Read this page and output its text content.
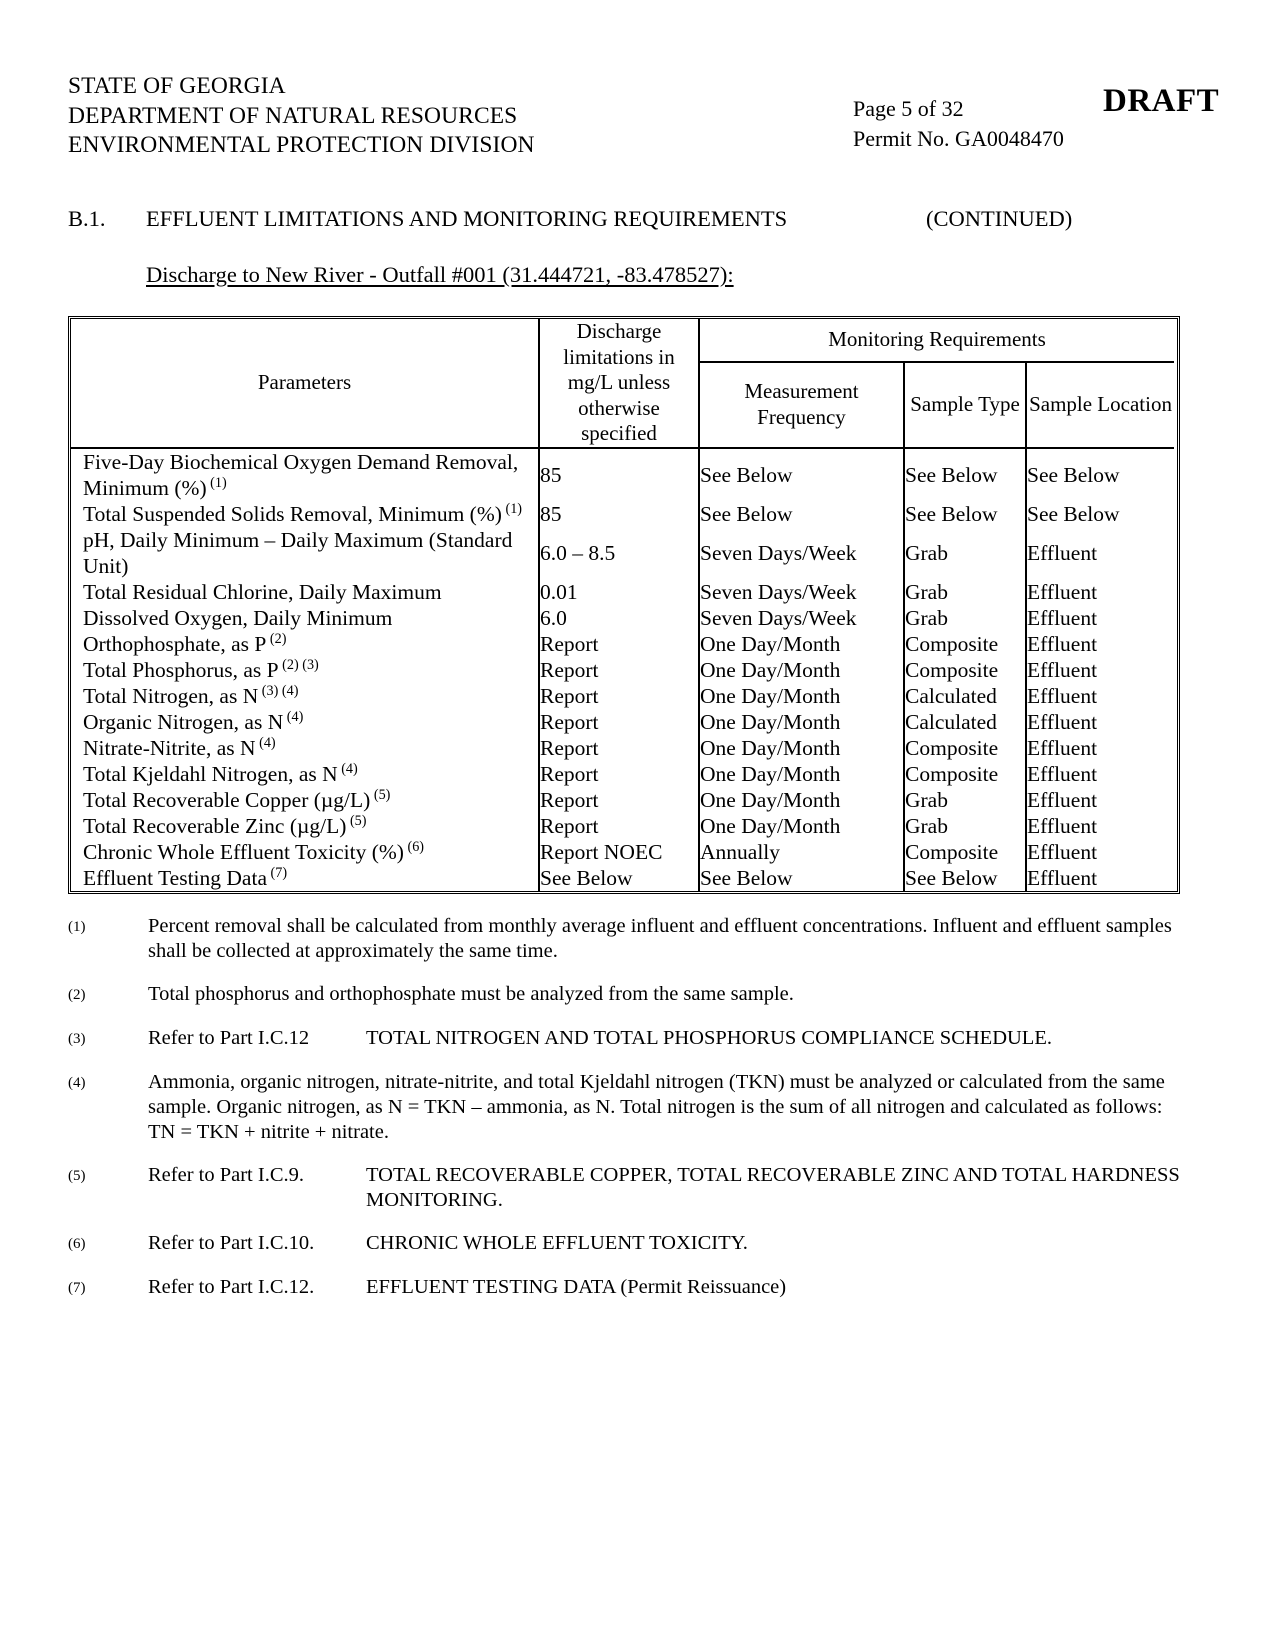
STATE OF GEORGIA
DEPARTMENT OF NATURAL RESOURCES
ENVIRONMENTAL PROTECTION DIVISION
Page 5 of 32
Permit No. GA0048470
DRAFT
B.1. EFFLUENT LIMITATIONS AND MONITORING REQUIREMENTS	(CONTINUED)
Discharge to New River - Outfall #001 (31.444721, -83.478527):
Parameters	Discharge limitations in mg/L unless otherwise specified	Monitoring Requirements		
		Measurement Frequency	Sample Type	Sample Location
Five-Day Biochemical Oxygen Demand Removal, Minimum (%) $^{(1)}$	85	See Below	See Below	See Below
Total Suspended Solids Removal, Minimum (%) $^{(1)}$	85	See Below	See Below	See Below
pH, Daily Minimum – Daily Maximum (Standard Unit)	6.0 – 8.5	Seven Days/Week	Grab	Effluent
Total Residual Chlorine, Daily Maximum	0.01	Seven Days/Week	Grab	Effluent
Dissolved Oxygen, Daily Minimum	6.0	Seven Days/Week	Grab	Effluent
Orthophosphate, as P $^{(2)}$	Report	One Day/Month	Composite	Effluent
Total Phosphorus, as P $^{(2) (3)}$	Report	One Day/Month	Composite	Effluent
Total Nitrogen, as N $^{(3) (4)}$	Report	One Day/Month	Calculated	Effluent
Organic Nitrogen, as N $^{(4)}$	Report	One Day/Month	Calculated	Effluent
Nitrate-Nitrite, as N $^{(4)}$	Report	One Day/Month	Composite	Effluent
Total Kjeldahl Nitrogen, as N $^{(4)}$	Report	One Day/Month	Composite	Effluent
Total Recoverable Copper (µg/L) $^{(5)}$	Report	One Day/Month	Grab	Effluent
Total Recoverable Zinc (µg/L) $^{(5)}$	Report	One Day/Month	Grab	Effluent
Chronic Whole Effluent Toxicity (%) $^{(6)}$	Report NOEC	Annually	Composite	Effluent
Effluent Testing Data $^{(7)}$	See Below	See Below	See Below	Effluent
(1)	Percent removal shall be calculated from monthly average influent and effluent concentrations. Influent and effluent samples shall be collected at approximately the same time.
(2)	Total phosphorus and orthophosphate must be analyzed from the same sample.
(3)	Refer to Part I.C.12	TOTAL NITROGEN AND TOTAL PHOSPHORUS COMPLIANCE SCHEDULE.
(4)	Ammonia, organic nitrogen, nitrate-nitrite, and total Kjeldahl nitrogen (TKN) must be analyzed or calculated from the same sample. Organic nitrogen, as N = TKN – ammonia, as N. Total nitrogen is the sum of all nitrogen and calculated as follows: TN = TKN + nitrite + nitrate.
(5)	Refer to Part I.C.9.	TOTAL RECOVERABLE COPPER, TOTAL RECOVERABLE ZINC AND TOTAL HARDNESS MONITORING.
(6)	Refer to Part I.C.10.	CHRONIC WHOLE EFFLUENT TOXICITY.
(7)	Refer to Part I.C.12.	EFFLUENT TESTING DATA (Permit Reissuance)
